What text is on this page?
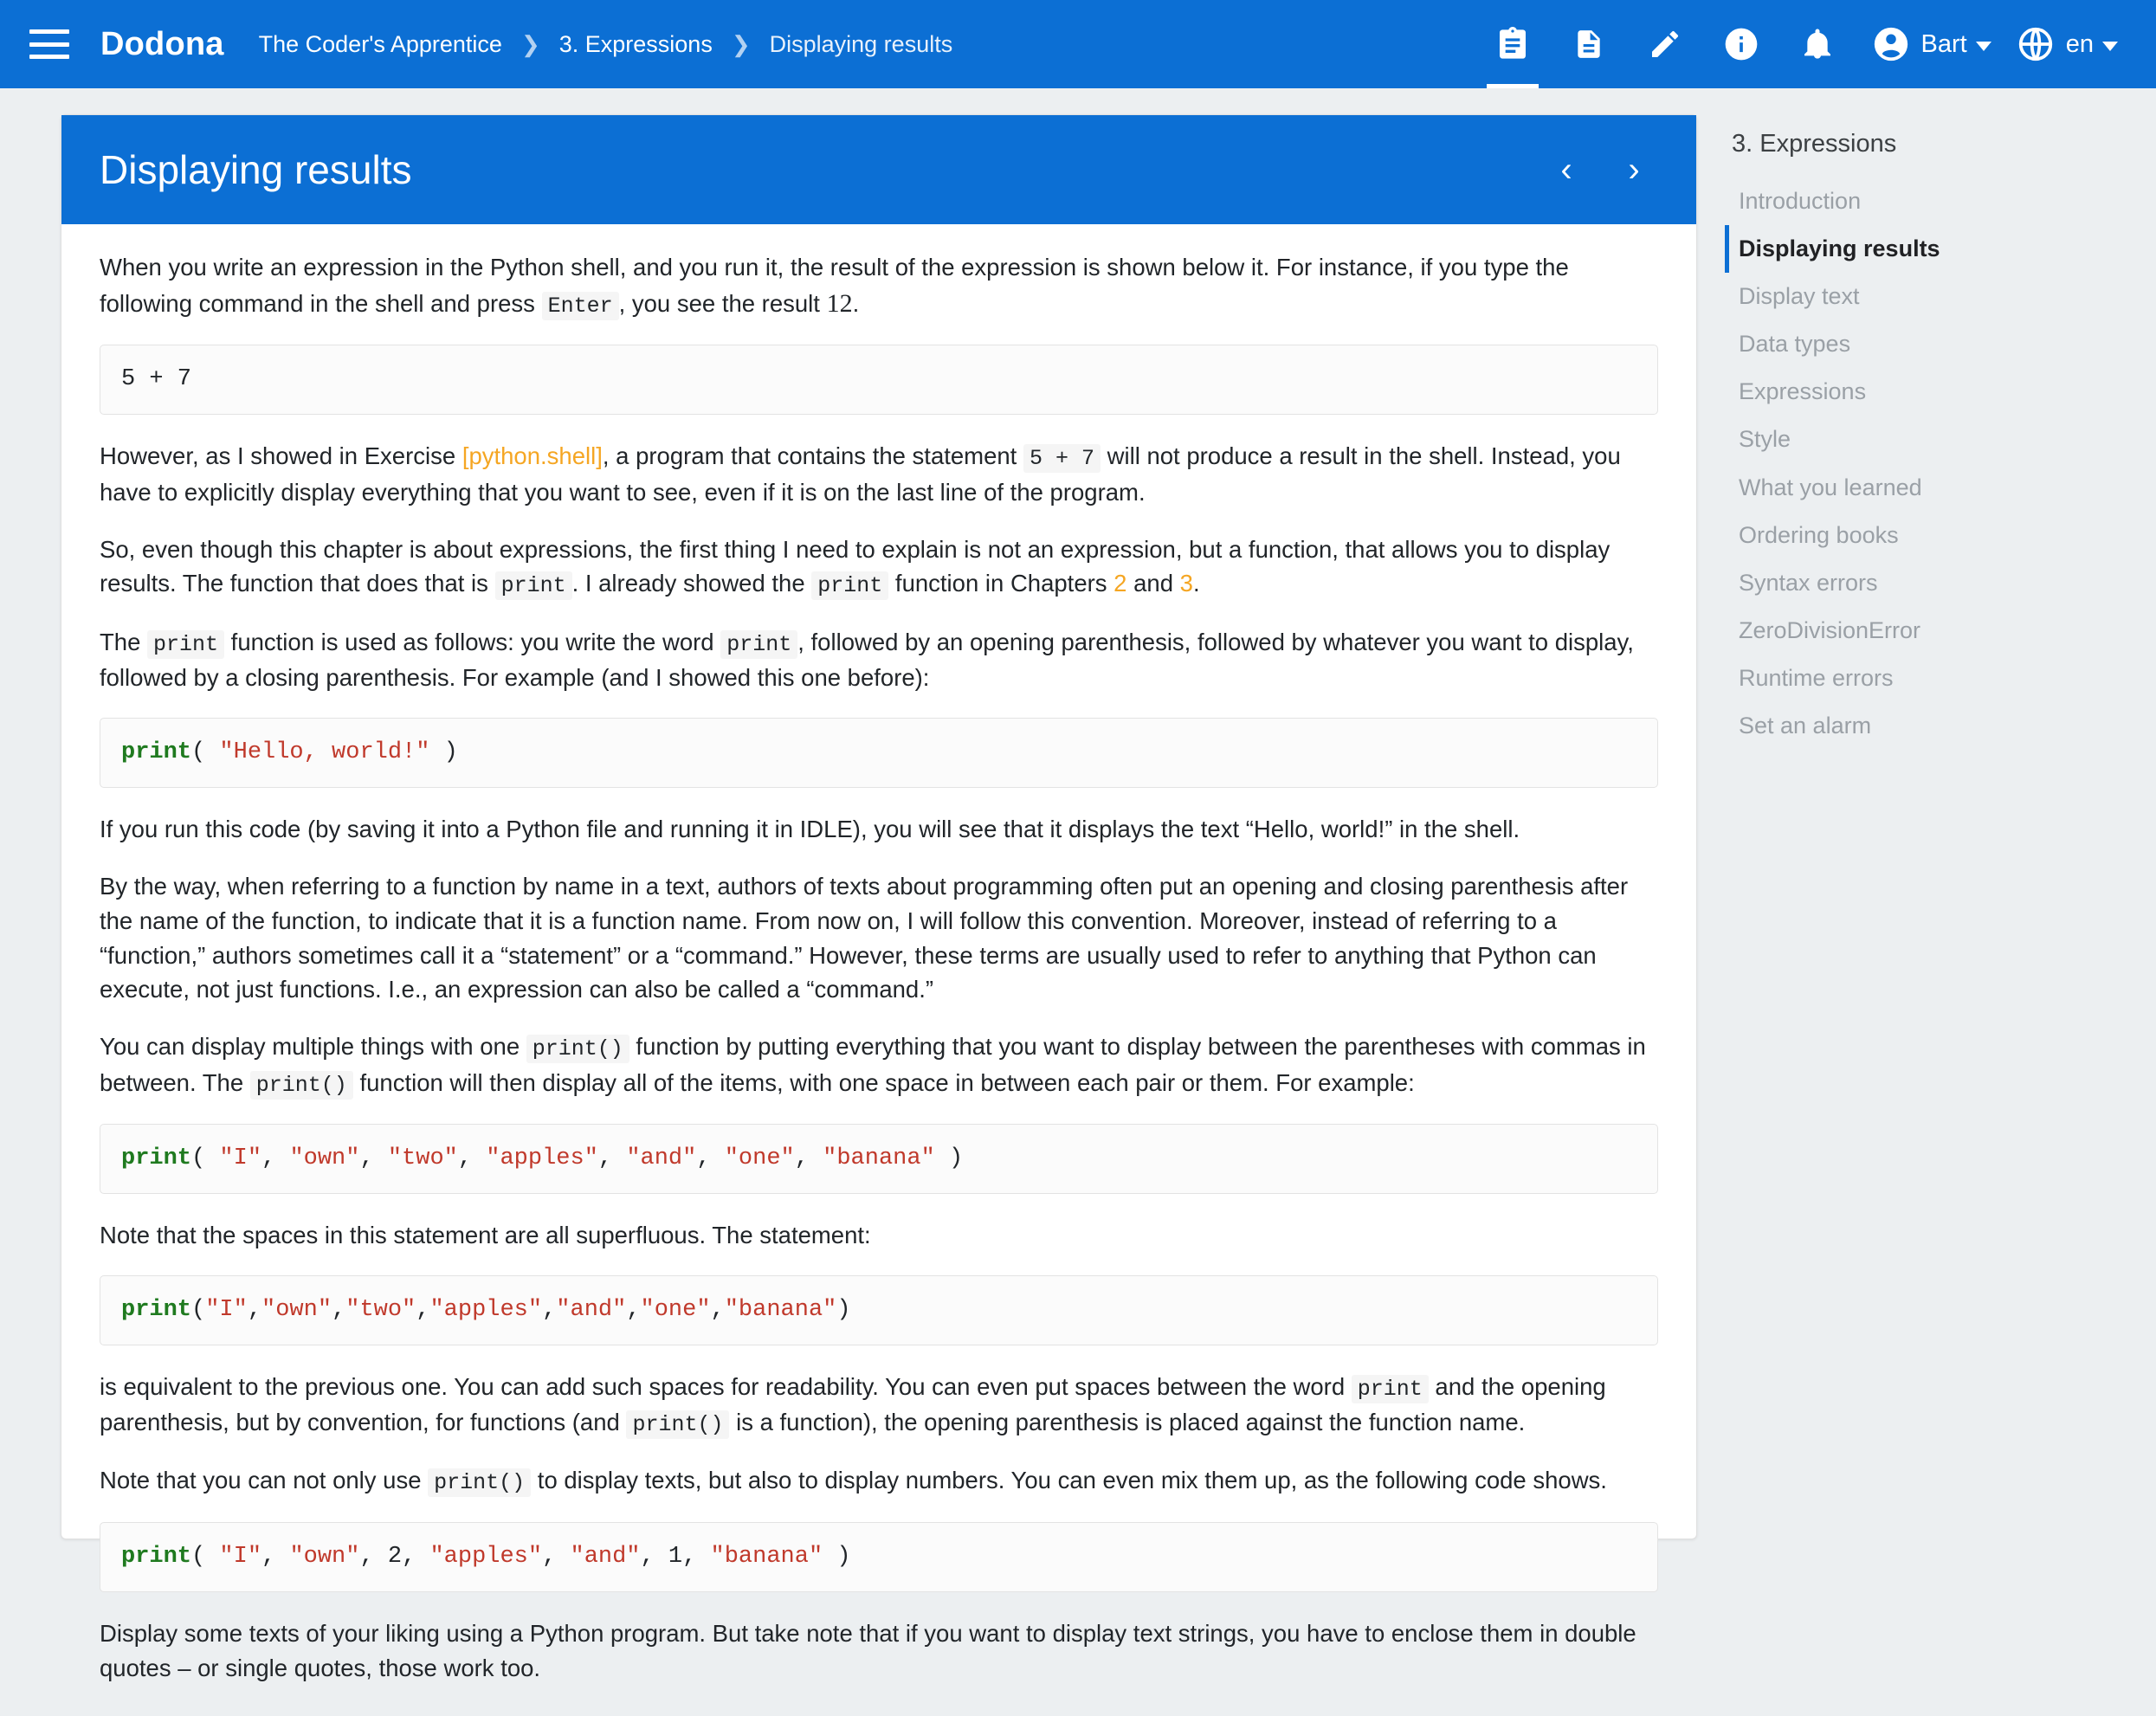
Dodona The Coder's Apprentice ❯ 3. Expressions ❯ Displaying results	Bart	en
Displaying results	‹	›

When you write an expression in the Python shell, and you run it, the result of the expression is shown below it. For instance, if you type the following command in the shell and press Enter , you see the result 12.

5 + 7

However, as I showed in Exercise [python.shell], a program that contains the statement 5 + 7 will not produce a result in the shell. Instead, you have to explicitly display everything that you want to see, even if it is on the last line of the program.

So, even though this chapter is about expressions, the first thing I need to explain is not an expression, but a function, that allows you to display results. The function that does that is print . I already showed the print function in Chapters 2 and 3.

The print function is used as follows: you write the word print , followed by an opening parenthesis, followed by whatever you want to display, followed by a closing parenthesis. For example (and I showed this one before):

print( "Hello, world!" )

If you run this code (by saving it into a Python file and running it in IDLE), you will see that it displays the text “Hello, world!” in the shell.

By the way, when referring to a function by name in a text, authors of texts about programming often put an opening and closing parenthesis after the name of the function, to indicate that it is a function name. From now on, I will follow this convention. Moreover, instead of referring to a “function,” authors sometimes call it a “statement” or a “command.” However, these terms are usually used to refer to anything that Python can execute, not just functions. I.e., an expression can also be called a “command.”

You can display multiple things with one print() function by putting everything that you want to display between the parentheses with commas in between. The print() function will then display all of the items, with one space in between each pair or them. For example:

print( "I", "own", "two", "apples", "and", "one", "banana" )

Note that the spaces in this statement are all superfluous. The statement:

print("I","own","two","apples","and","one","banana")

is equivalent to the previous one. You can add such spaces for readability. You can even put spaces between the word print and the opening parenthesis, but by convention, for functions (and print() is a function), the opening parenthesis is placed against the function name.

Note that you can not only use print() to display texts, but also to display numbers. You can even mix them up, as the following code shows.

print( "I", "own", 2, "apples", "and", 1, "banana" )

Display some texts of your liking using a Python program. But take note that if you want to display text strings, you have to enclose them in double quotes – or single quotes, those work too.

3. Expressions
Introduction
Displaying results
Display text
Data types
Expressions
Style
What you learned
Ordering books
Syntax errors
ZeroDivisionError
Runtime errors
Set an alarm
